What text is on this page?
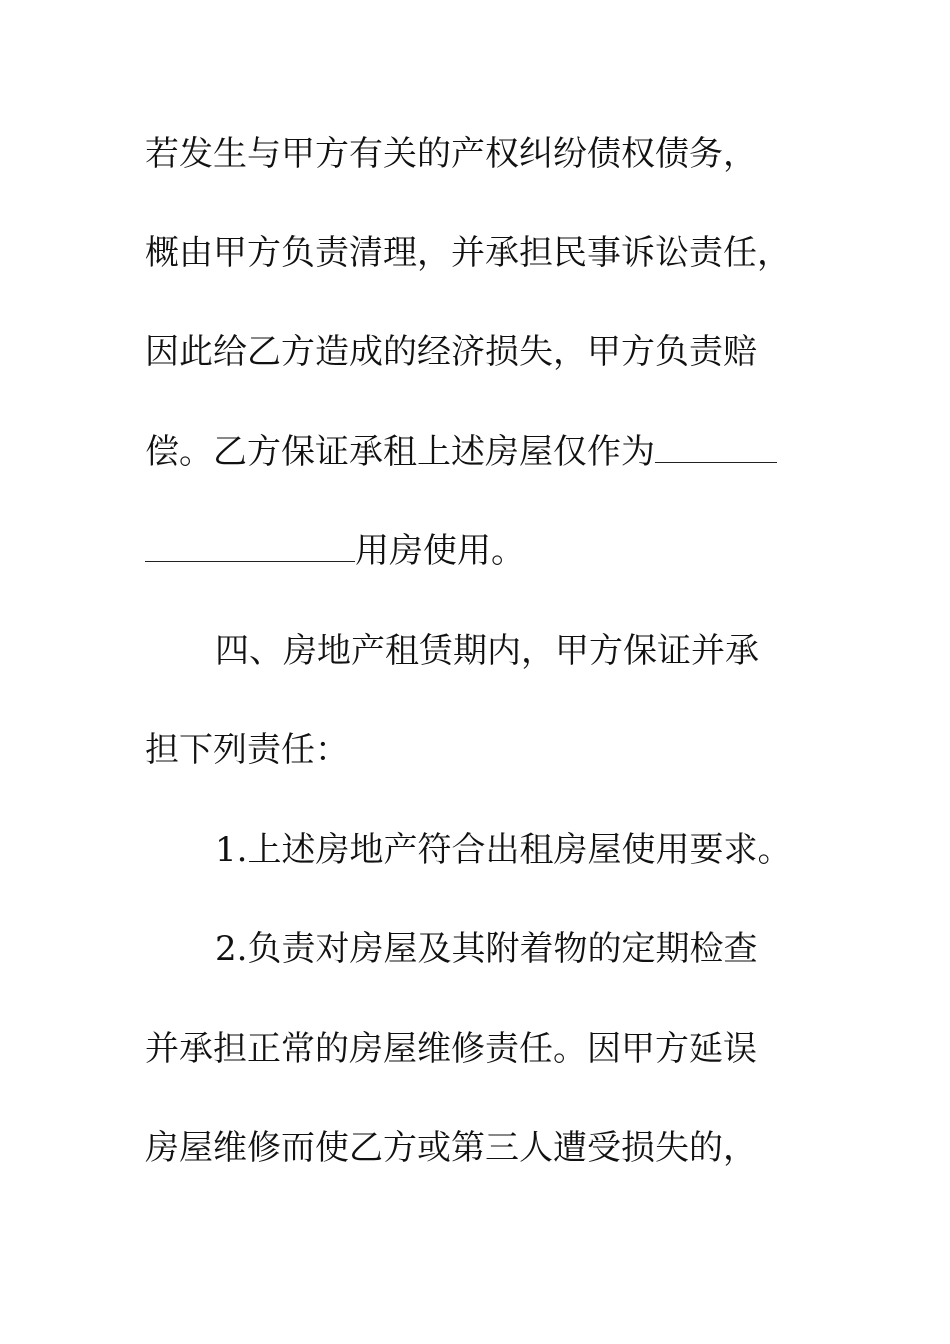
若发生与甲方有关的产权纠纷债权债务，
概由甲方负责清理，并承担民事诉讼责任，
因此给乙方造成的经济损失，甲方负责赔
偿。乙方保证承租上述房屋仅作为
用房使用。
四、房地产租赁期内，甲方保证并承
担下列责任：
1.上述房地产符合出租房屋使用要求。
2.负责对房屋及其附着物的定期检查
并承担正常的房屋维修责任。因甲方延误
房屋维修而使乙方或第三人遭受损失的，
